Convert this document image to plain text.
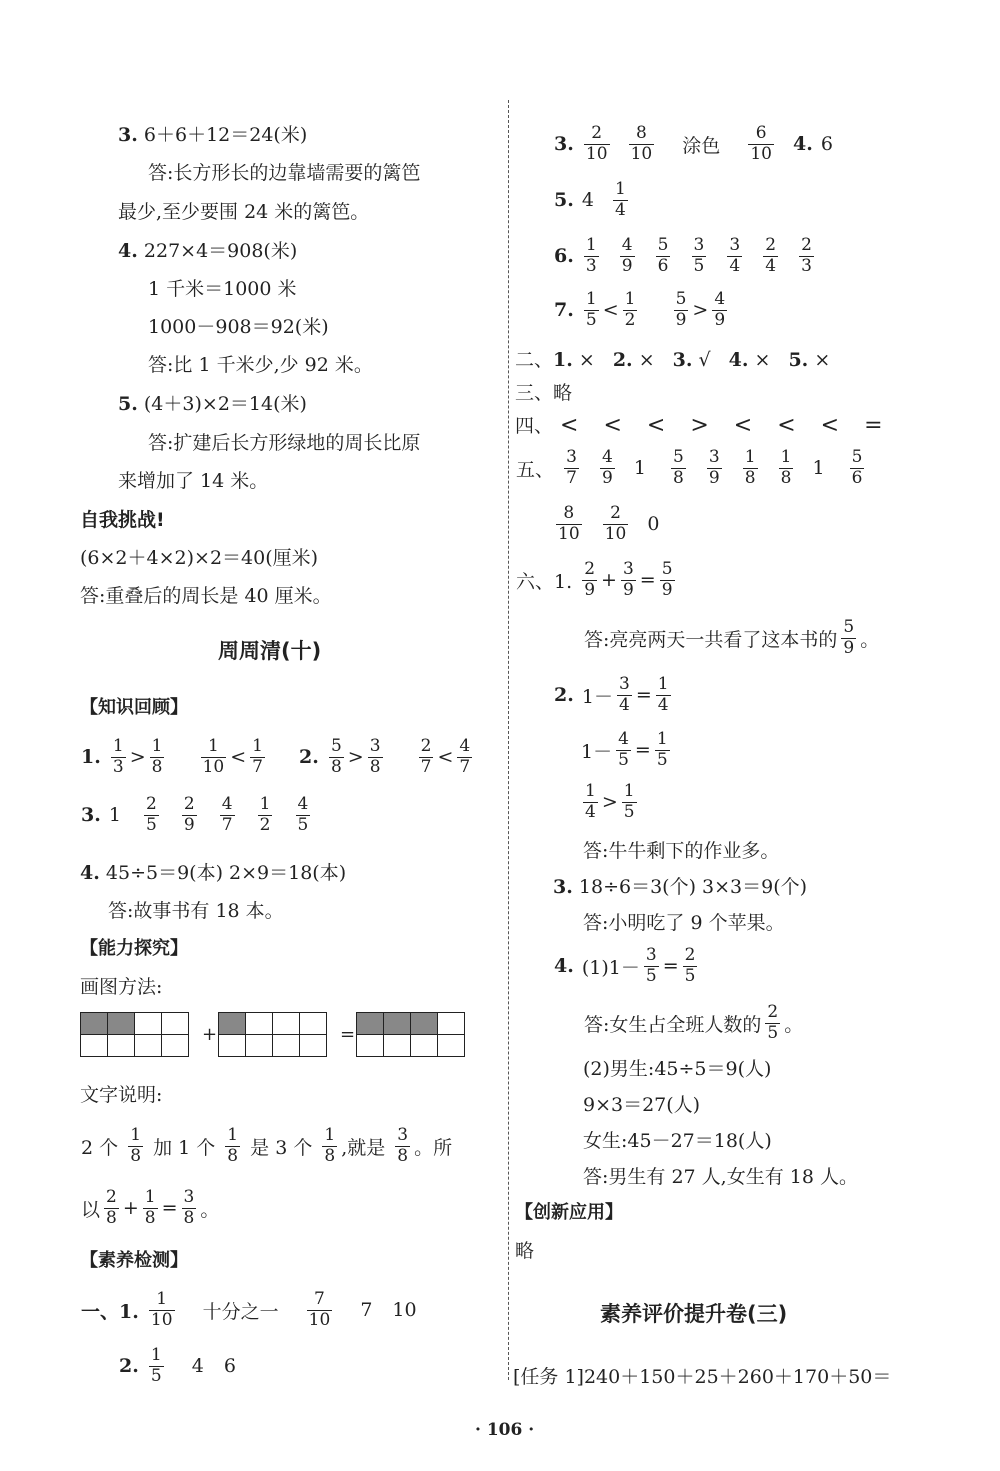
3. 6＋6＋12＝24(米)
答:长方形长的边靠墙需要的篱笆
最少,至少要围 24 米的篱笆。
4. 227×4＝908(米)
1 千米＝1000 米
1000－908＝92(米)
答:比 1 千米少,少 92 米。
5. (4＋3)×2＝14(米)
答:扩建后长方形绿地的周长比原
来增加了 14 米。
自我挑战!
(6×2＋4×2)×2＝40(厘米)
答:重叠后的周长是 40 厘米。
周周清(十)
【知识回顾】
1. $\frac{1}{3} > \frac{1}{8}$
$\frac{1}{10} < \frac{1}{7} 2$. $\frac{5}{8} > \frac{3}{8}$
$\frac{2}{7} < \frac{4}{7}$
3. $1 \frac{2}{5}$
$\frac{2}{9}$
$\frac{4}{7}$
$\frac{1}{2}$
$\frac{4}{5}$
4. 45÷5＝9(本) 2×9＝18(本)
答:故事书有 18 本。
【能力探究】
画图方法:

+

				=

文字说明:
2 个 $\frac{1}{8}$ 加 1 个 $\frac{1}{8}$ 是 3 个 $\frac{1}{8}$ ,就是 $\frac{3}{8}$ 。所
以 $\frac{2}{8} + \frac{1}{8} = \frac{3}{8}$ 。
【素养检测】
一、1. $\frac{1}{10}$ 十分之一 $\frac{7}{10} 7$ 10
2. $\frac{1}{5} 4$ 6
3. $\frac{2}{10}$
$\frac{8}{10}$ 涂色 $\frac{6}{10} 4$. 6
5. $4 \frac{1}{4}$
6. $\frac{1}{3}$
$\frac{4}{9}$
$\frac{5}{6}$
$\frac{3}{5}$
$\frac{3}{4}$
$\frac{2}{4}$
$\frac{2}{3}$
7. $\frac{1}{5} < \frac{1}{2}$
$\frac{5}{9} > \frac{4}{9}$
二、1. × 2. × 3. √ 4. × 5. ×
三、略
四、 < < < > < < < =
五、 $\frac{3}{7}$
$\frac{4}{9} 1 \frac{5}{8}$
$\frac{3}{9}$
$\frac{1}{8}$
$\frac{1}{8} 1 \frac{5}{6}$
$\frac{8}{10}$
$\frac{2}{10} 0$
六、1. $\frac{2}{9} + \frac{3}{9} = \frac{5}{9}$
答:亮亮两天一共看了这本书的 $\frac{5}{9}$ 。
2. $1- \frac{3}{4} = \frac{1}{4}$
$1- \frac{4}{5} = \frac{1}{5}$
$\frac{1}{4} > \frac{1}{5}$
答:牛牛剩下的作业多。
3. 18÷6＝3(个) 3×3＝9(个)
答:小明吃了 9 个苹果。
4. $(1)1- \frac{3}{5} = \frac{2}{5}$
答:女生占全班人数的 $\frac{2}{5}$ 。
(2)男生:45÷5＝9(人)
9×3＝27(人)
女生:45－27＝18(人)
答:男生有 27 人,女生有 18 人。
【创新应用】
略
素养评价提升卷(三)
[任务 1]240＋150＋25＋260＋170＋50＝
· 106 ·
